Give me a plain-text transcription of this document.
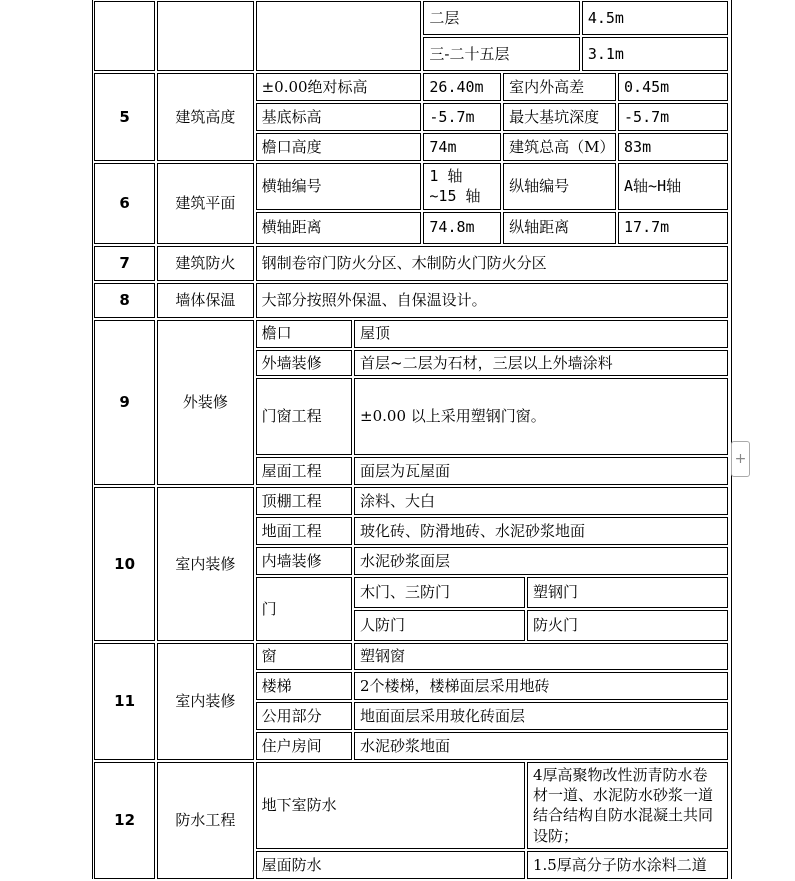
				二层			4.5m	
				三-二十五层			3.1m	
5	建筑高度	±0.00绝对标高		26.40m	室内外高差			0.45m
		基底标高		-5.7m	最大基坑深度			-5.7m
		檐口高度		74m	建筑总高（M）			83m
6	建筑平面	横轴编号		1 轴 ~15 轴	纵轴编号			A轴~H轴
		横轴距离		74.8m	纵轴距离			17.7m
7	建筑防火	钢制卷帘门防火分区、木制防火门防火分区						
8	墙体保温	大部分按照外保温、自保温设计。						
9	外装修	檐口	屋顶					
		外墙装修	首层~二层为石材，三层以上外墙涂料					
		门窗工程	±0.00 以上采用塑钢门窗。					
		屋面工程	面层为瓦屋面					
10	室内装修	顶棚工程	涂料、大白					
		地面工程	玻化砖、防滑地砖、水泥砂浆地面					
		内墙装修	水泥砂浆面层					
		门	木门、三防门			塑钢门		
			人防门			防火门		
11	室内装修	窗	塑钢窗					
		楼梯	2个楼梯，楼梯面层采用地砖					
		公用部分	地面面层采用玻化砖面层					
		住户房间	水泥砂浆地面					
12	防水工程	地下室防水				4厚高聚物改性沥青防水卷材一道、水泥防水砂浆一道结合结构自防水混凝土共同设防；		
		屋面防水				1.5厚高分子防水涂料二道		
+
